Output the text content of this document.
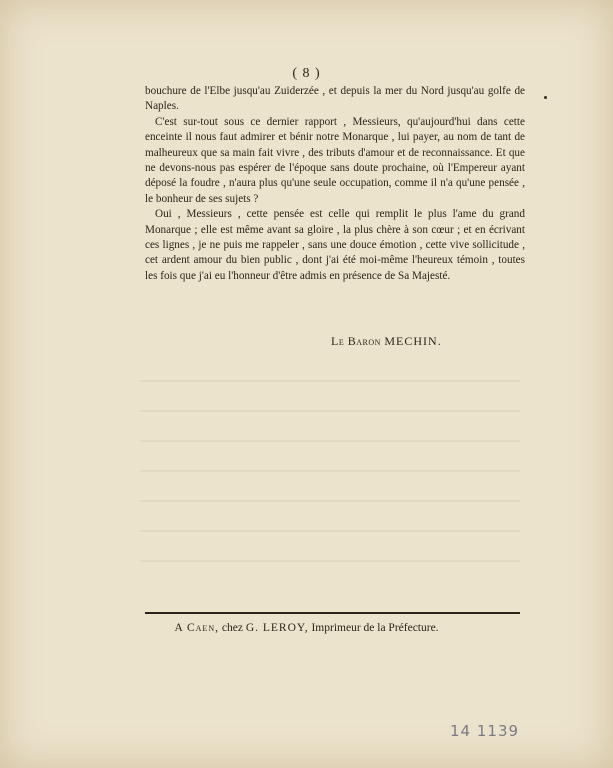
( 8 )

bouchure de l'Elbe jusqu'au Zuiderzée , et depuis la mer du Nord jusqu'au golfe de Naples.

C'est sur-tout sous ce dernier rapport , Messieurs, qu'aujourd'hui dans cette enceinte il nous faut admirer et bénir notre Monarque , lui payer, au nom de tant de malheureux que sa main fait vivre , des tributs d'amour et de reconnaissance. Et que ne devons-nous pas espérer de l'époque sans doute prochaine, où l'Empereur ayant déposé la foudre , n'aura plus qu'une seule occupation, comme il n'a qu'une pensée , le bonheur de ses sujets ?

Oui , Messieurs , cette pensée est celle qui remplit le plus l'ame du grand Monarque ; elle est même avant sa gloire , la plus chère à son cœur ; et en écrivant ces lignes , je ne puis me rappeler , sans une douce émotion , cette vive sollicitude , cet ardent amour du bien public , dont j'ai été moi-même l'heureux témoin , toutes les fois que j'ai eu l'honneur d'être admis en présence de Sa Majesté.

Le Baron MECHIN.
A Caen, chez G. LEROY, Imprimeur de la Préfecture.
14 1139
